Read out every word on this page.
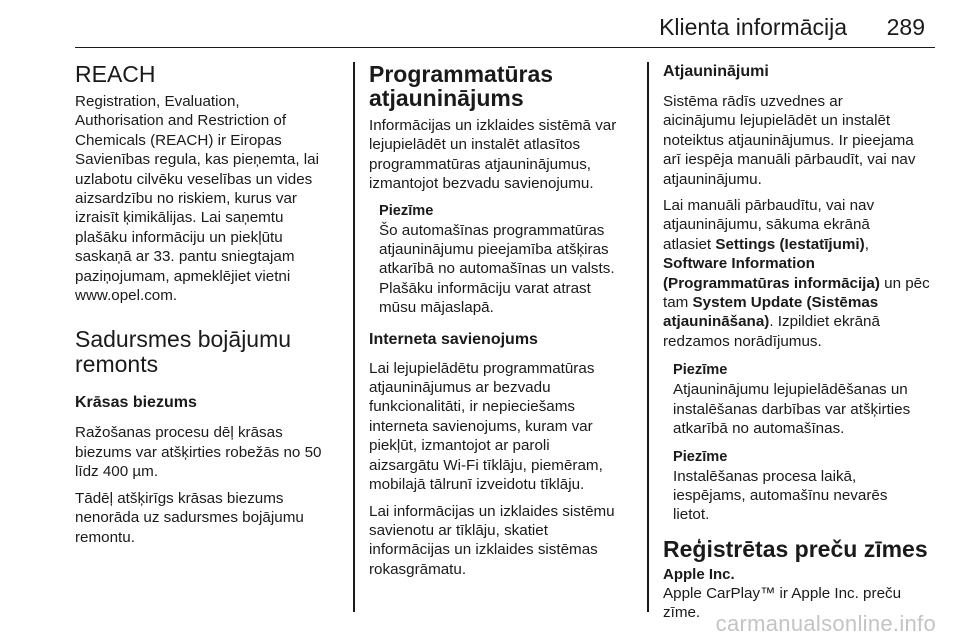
Klienta informācija 289
REACH

Registration, Evaluation,
Authorisation and Restriction of
Chemicals (REACH) ir Eiropas
Savienības regula, kas pieņemta, lai
uzlabotu cilvēku veselības un vides
aizsardzību no riskiem, kurus var
izraisīt ķimikālijas. Lai saņemtu
plašāku informāciju un piekļūtu
saskaņā ar 33. pantu sniegtajam
paziņojumam, apmeklējiet vietni
www.opel.com.

Sadursmes bojājumu
remonts
Krāsas biezums

Ražošanas procesu dēļ krāsas
biezums var atšķirties robežās no 50
līdz 400 µm.

Tādēļ atšķirīgs krāsas biezums
nenorāda uz sadursmes bojājumu
remontu.

Programmatūras
atjauninājums

Informācijas un izklaides sistēmā var
lejupielādēt un instalēt atlasītos
programmatūras atjauninājumus,
izmantojot bezvadu savienojumu.

Piezīme

Šo automašīnas programmatūras
atjauninājumu pieejamība atšķiras
atkarībā no automašīnas un valsts.
Plašāku informāciju varat atrast
mūsu mājaslapā.

Interneta savienojums

Lai lejupielādētu programmatūras
atjauninājumus ar bezvadu
funkcionalitāti, ir nepieciešams
interneta savienojums, kuram var
piekļūt, izmantojot ar paroli
aizsargātu Wi-Fi tīklāju, piemēram,
mobilajā tālrunī izveidotu tīklāju.

Lai informācijas un izklaides sistēmu
savienotu ar tīklāju, skatiet
informācijas un izklaides sistēmas
rokasgrāmatu.

Atjauninājumi

Sistēma rādīs uzvednes ar
aicinājumu lejupielādēt un instalēt
noteiktus atjauninājumus. Ir pieejama
arī iespēja manuāli pārbaudīt, vai nav
atjauninājumu.

Lai manuāli pārbaudītu, vai nav
atjauninājumu, sākuma ekrānā
atlasiet Settings (Iestatījumi),
Software Information
(Programmatūras informācija) un pēc
tam System Update (Sistēmas
atjaunināšana). Izpildiet ekrānā
redzamos norādījumus.

Piezīme

Atjauninājumu lejupielādēšanas un
instalēšanas darbības var atšķirties
atkarībā no automašīnas.

Piezīme

Instalēšanas procesa laikā,
iespējams, automašīnu nevarēs
lietot.

Reģistrētas preču zīmes
Apple Inc.

Apple CarPlay™ ir Apple Inc. preču
zīme. carmanualsonline.info
